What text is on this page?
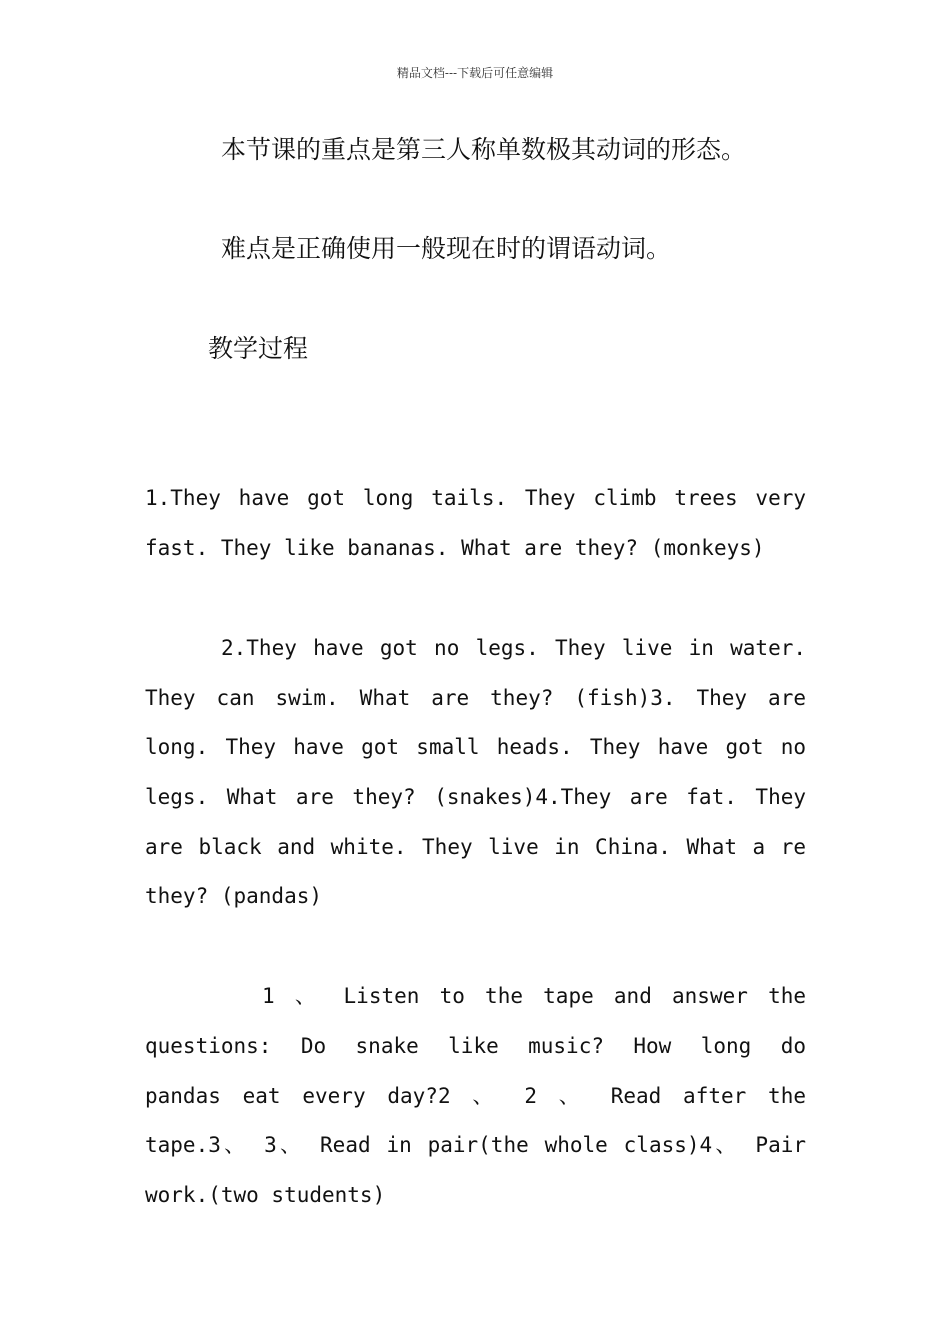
精品文档---下载后可任意编辑
本节课的重点是第三人称单数极其动词的形态。
难点是正确使用一般现在时的谓语动词。
教学过程
1.They have got long tails. They climb trees very
fast. They like bananas. What are they? (monkeys)
2.They have got no legs. They live in water.
They can swim. What are they? (fish)3. They are
long. They have got small heads. They have got no
legs. What are they? (snakes)4.They are fat. They
are black and white. They live in China. What a re
they? (pandas)
1 、 Listen to the tape and answer the
questions: Do snake like music? How long do
pandas eat every day?2 、 2 、 Read after the
tape.3、 3、 Read in pair(the whole class)4、 Pair
work.(two students)
